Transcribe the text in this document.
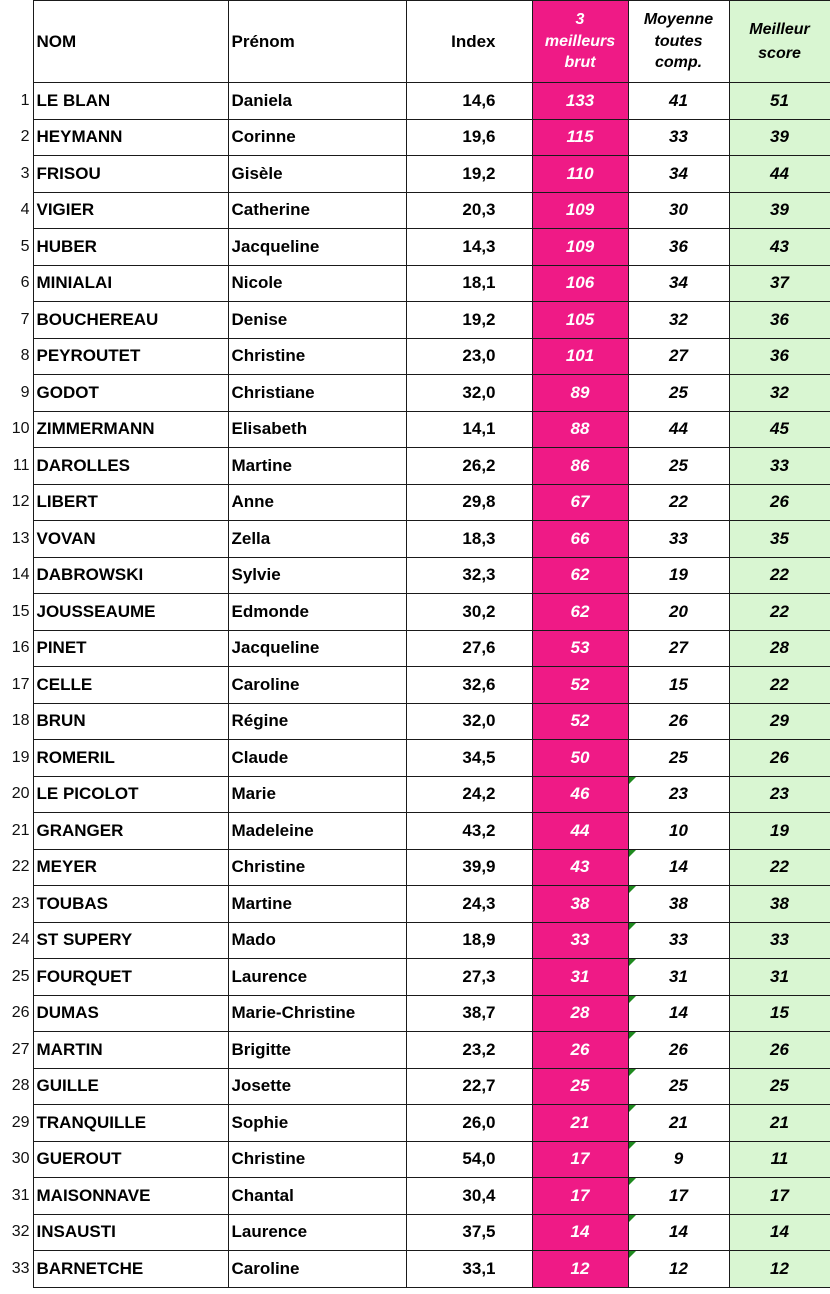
	NOM	Prénom	Index	3
meilleurs
brut	Moyenne
toutes
comp.	Meilleur
score

1	LE BLAN	Daniela	14,6	133	41	51
2	HEYMANN	Corinne	19,6	115	33	39
3	FRISOU	Gisèle	19,2	110	34	44
4	VIGIER	Catherine	20,3	109	30	39
5	HUBER	Jacqueline	14,3	109	36	43
6	MINIALAI	Nicole	18,1	106	34	37
7	BOUCHEREAU	Denise	19,2	105	32	36
8	PEYROUTET	Christine	23,0	101	27	36
9	GODOT	Christiane	32,0	89	25	32
10	ZIMMERMANN	Elisabeth	14,1	88	44	45
11	DAROLLES	Martine	26,2	86	25	33
12	LIBERT	Anne	29,8	67	22	26
13	VOVAN	Zella	18,3	66	33	35
14	DABROWSKI	Sylvie	32,3	62	19	22
15	JOUSSEAUME	Edmonde	30,2	62	20	22
16	PINET	Jacqueline	27,6	53	27	28
17	CELLE	Caroline	32,6	52	15	22
18	BRUN	Régine	32,0	52	26	29
19	ROMERIL	Claude	34,5	50	25	26
20	LE PICOLOT	Marie	24,2	46	23	23
21	GRANGER	Madeleine	43,2	44	10	19
22	MEYER	Christine	39,9	43	14	22
23	TOUBAS	Martine	24,3	38	38	38
24	ST SUPERY	Mado	18,9	33	33	33
25	FOURQUET	Laurence	27,3	31	31	31
26	DUMAS	Marie-Christine	38,7	28	14	15
27	MARTIN	Brigitte	23,2	26	26	26
28	GUILLE	Josette	22,7	25	25	25
29	TRANQUILLE	Sophie	26,0	21	21	21
30	GUEROUT	Christine	54,0	17	9	11
31	MAISONNAVE	Chantal	30,4	17	17	17
32	INSAUSTI	Laurence	37,5	14	14	14
33	BARNETCHE	Caroline	33,1	12	12	12
